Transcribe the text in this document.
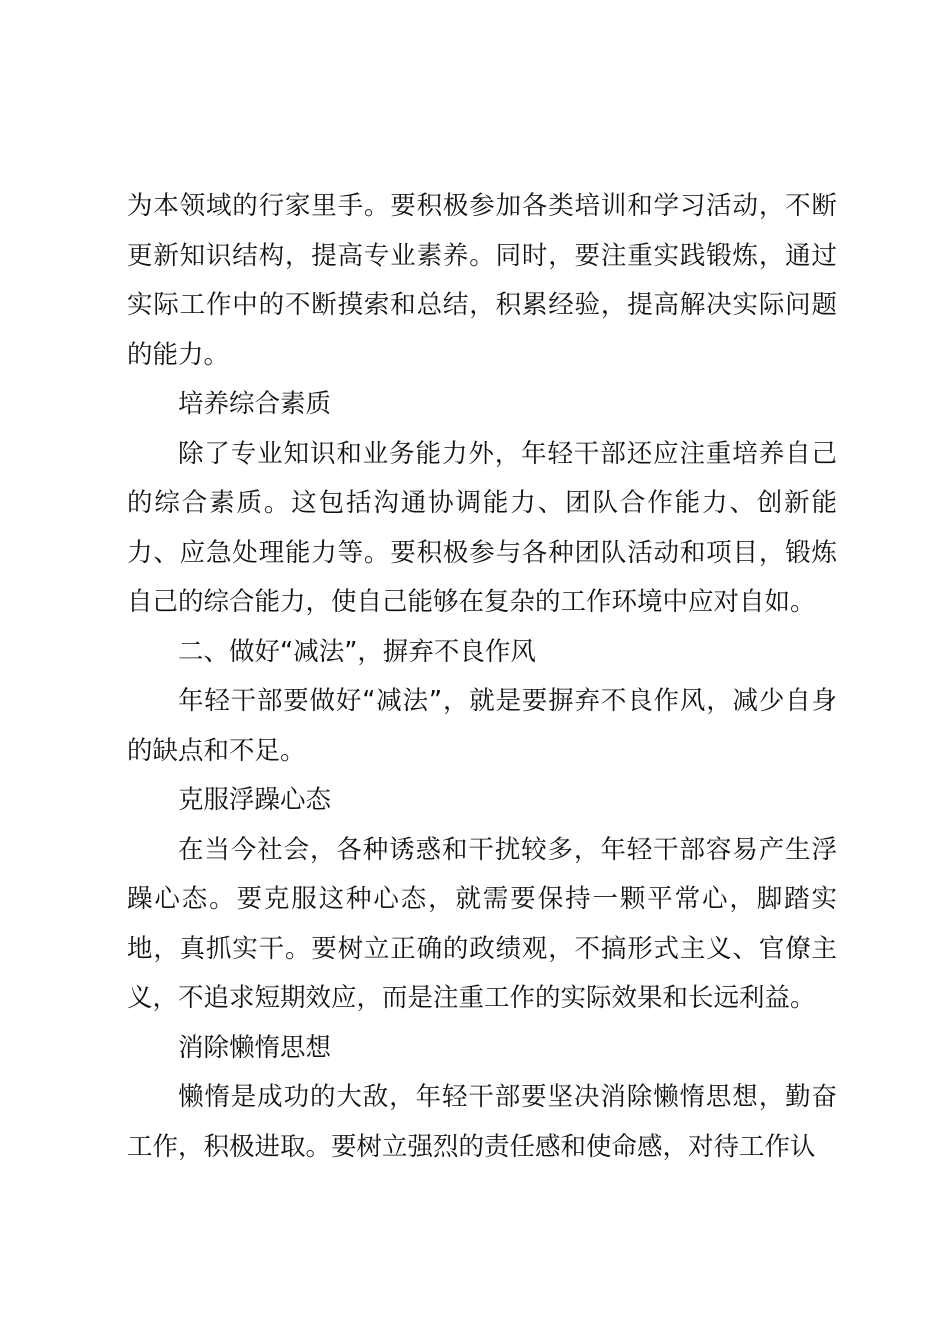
为本领域的行家里手。要积极参加各类培训和学习活动，不断更新知识结构，提高专业素养。同时，要注重实践锻炼，通过实际工作中的不断摸索和总结，积累经验，提高解决实际问题的能力。

培养综合素质

除了专业知识和业务能力外，年轻干部还应注重培养自己的综合素质。这包括沟通协调能力、团队合作能力、创新能力、应急处理能力等。要积极参与各种团队活动和项目，锻炼自己的综合能力，使自己能够在复杂的工作环境中应对自如。

二、做好“减法”，摒弃不良作风

年轻干部要做好“减法”，就是要摒弃不良作风，减少自身的缺点和不足。

克服浮躁心态

在当今社会，各种诱惑和干扰较多，年轻干部容易产生浮躁心态。要克服这种心态，就需要保持一颗平常心，脚踏实地，真抓实干。要树立正确的政绩观，不搞形式主义、官僚主义，不追求短期效应，而是注重工作的实际效果和长远利益。

消除懒惰思想

懒惰是成功的大敌，年轻干部要坚决消除懒惰思想，勤奋工作，积极进取。要树立强烈的责任感和使命感，对待工作认
